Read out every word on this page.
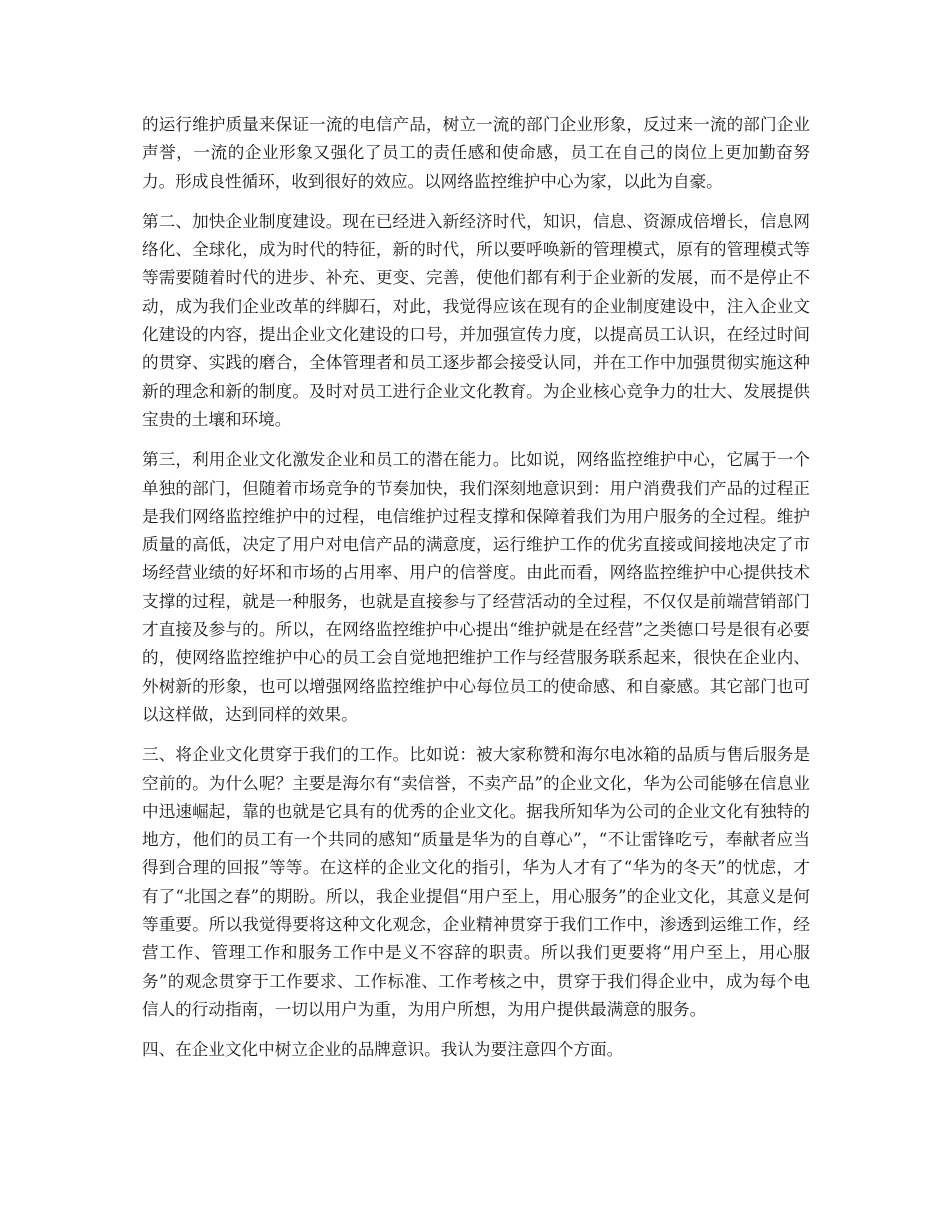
的运行维护质量来保证一流的电信产品，树立一流的部门企业形象，反过来一流的部门企业声誉，一流的企业形象又强化了员工的责任感和使命感，员工在自己的岗位上更加勤奋努力。形成良性循环，收到很好的效应。以网络监控维护中心为家，以此为自豪。

第二、加快企业制度建设。现在已经进入新经济时代，知识，信息、资源成倍增长，信息网络化、全球化，成为时代的特征，新的时代，所以要呼唤新的管理模式，原有的管理模式等等需要随着时代的进步、补充、更变、完善，使他们都有利于企业新的发展，而不是停止不动，成为我们企业改革的绊脚石，对此，我觉得应该在现有的企业制度建设中，注入企业文化建设的内容，提出企业文化建设的口号，并加强宣传力度，以提高员工认识，在经过时间的贯穿、实践的磨合，全体管理者和员工逐步都会接受认同，并在工作中加强贯彻实施这种新的理念和新的制度。及时对员工进行企业文化教育。为企业核心竞争力的壮大、发展提供宝贵的土壤和环境。

第三，利用企业文化激发企业和员工的潜在能力。比如说，网络监控维护中心，它属于一个单独的部门，但随着市场竞争的节奏加快，我们深刻地意识到：用户消费我们产品的过程正是我们网络监控维护中的过程，电信维护过程支撑和保障着我们为用户服务的全过程。维护质量的高低，决定了用户对电信产品的满意度，运行维护工作的优劣直接或间接地决定了市场经营业绩的好坏和市场的占用率、用户的信誉度。由此而看，网络监控维护中心提供技术支撑的过程，就是一种服务，也就是直接参与了经营活动的全过程，不仅仅是前端营销部门才直接及参与的。所以，在网络监控维护中心提出“维护就是在经营”之类德口号是很有必要的，使网络监控维护中心的员工会自觉地把维护工作与经营服务联系起来，很快在企业内、外树新的形象，也可以增强网络监控维护中心每位员工的使命感、和自豪感。其它部门也可以这样做，达到同样的效果。

三、将企业文化贯穿于我们的工作。比如说：被大家称赞和海尔电冰箱的品质与售后服务是空前的。为什么呢？主要是海尔有“卖信誉，不卖产品”的企业文化，华为公司能够在信息业中迅速崛起，靠的也就是它具有的优秀的企业文化。据我所知华为公司的企业文化有独特的地方，他们的员工有一个共同的感知“质量是华为的自尊心”，“不让雷锋吃亏，奉献者应当得到合理的回报”等等。在这样的企业文化的指引，华为人才有了“华为的冬天”的忧虑，才有了“北国之春”的期盼。所以，我企业提倡“用户至上，用心服务”的企业文化，其意义是何等重要。所以我觉得要将这种文化观念，企业精神贯穿于我们工作中，渗透到运维工作，经营工作、管理工作和服务工作中是义不容辞的职责。所以我们更要将“用户至上，用心服务”的观念贯穿于工作要求、工作标准、工作考核之中，贯穿于我们得企业中，成为每个电信人的行动指南，一切以用户为重，为用户所想，为用户提供最满意的服务。

四、在企业文化中树立企业的品牌意识。我认为要注意四个方面。
